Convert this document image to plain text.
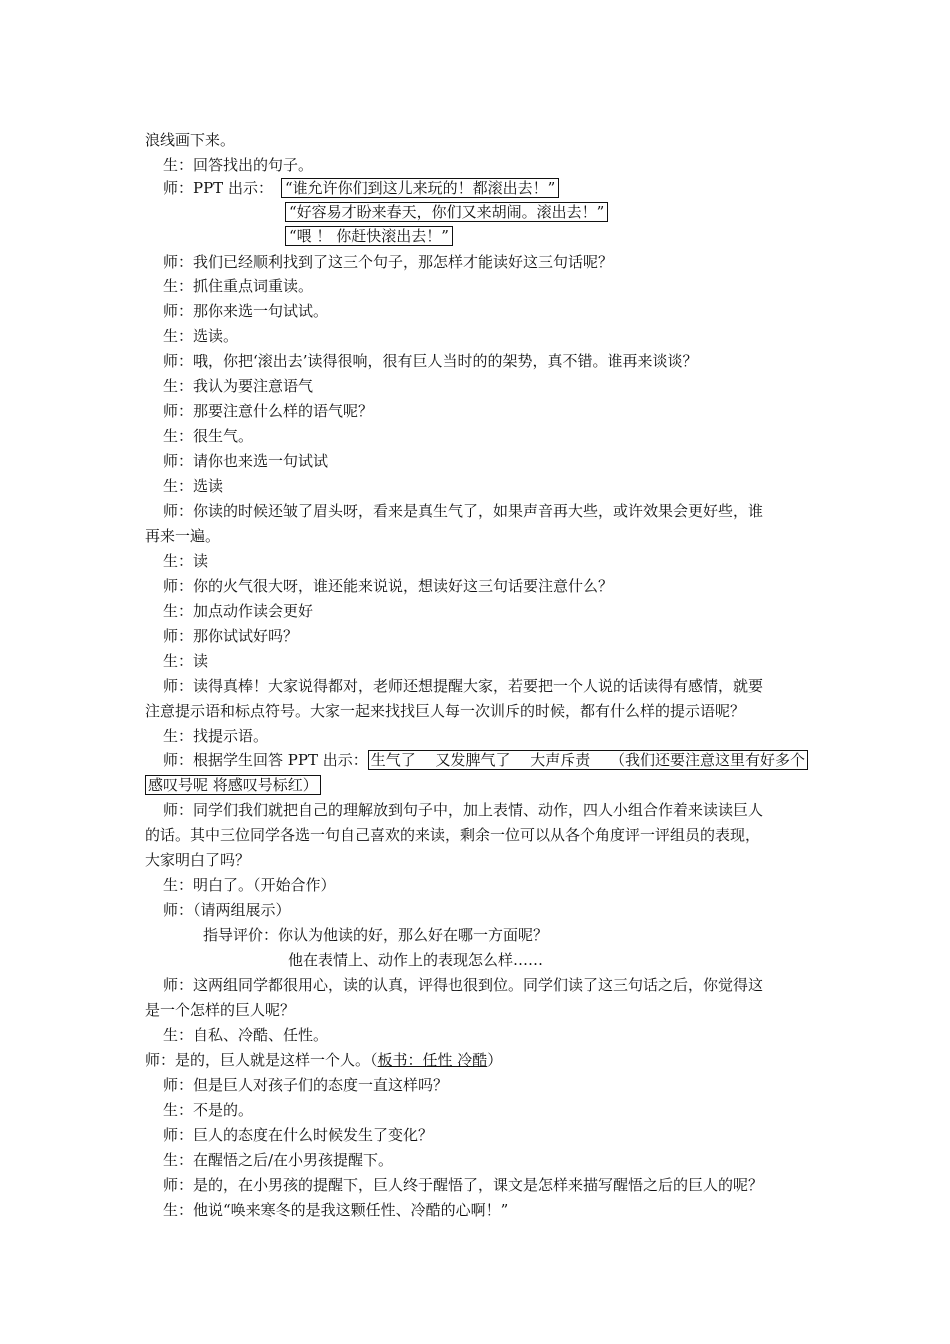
浪线画下来。
生：回答找出的句子。
师：PPT 出示： “谁允许你们到这儿来玩的！都滚出去！”
“好容易才盼来春天，你们又来胡闹。滚出去！”
“喂 ！ 你赶快滚出去！”
师：我们已经顺利找到了这三个句子，那怎样才能读好这三句话呢？
生：抓住重点词重读。
师：那你来选一句试试。
生：选读。
师：哦，你把‘滚出去’读得很响，很有巨人当时的的架势，真不错。谁再来谈谈？
生：我认为要注意语气
师：那要注意什么样的语气呢？
生：很生气。
师：请你也来选一句试试
生：选读
师：你读的时候还皱了眉头呀，看来是真生气了，如果声音再大些，或许效果会更好些，谁
再来一遍。
生：读
师：你的火气很大呀，谁还能来说说，想读好这三句话要注意什么？
生：加点动作读会更好
师：那你试试好吗？
生：读
师：读得真棒！大家说得都对，老师还想提醒大家，若要把一个人说的话读得有感情，就要
注意提示语和标点符号。大家一起来找找巨人每一次训斥的时候，都有什么样的提示语呢？
生：找提示语。
师：根据学生回答 PPT 出示： 生气了　 又发脾气了　 大声斥责　 （我们还要注意这里有好多个感叹号呢 将感叹号标红）
师：同学们我们就把自己的理解放到句子中，加上表情、动作，四人小组合作着来读读巨人
的话。其中三位同学各选一句自己喜欢的来读，剩余一位可以从各个角度评一评组员的表现，
大家明白了吗？
生：明白了。（开始合作）
师：（请两组展示）
指导评价：你认为他读的好，那么好在哪一方面呢？
他在表情上、动作上的表现怎么样……
师：这两组同学都很用心，读的认真，评得也很到位。同学们读了这三句话之后，你觉得这
是一个怎样的巨人呢？
生：自私、冷酷、任性。
师：是的，巨人就是这样一个人。（板书：任性 冷酷）
师：但是巨人对孩子们的态度一直这样吗？
生：不是的。
师：巨人的态度在什么时候发生了变化？
生：在醒悟之后/在小男孩提醒下。
师：是的，在小男孩的提醒下，巨人终于醒悟了，课文是怎样来描写醒悟之后的巨人的呢？
生：他说“唤来寒冬的是我这颗任性、冷酷的心啊！”
